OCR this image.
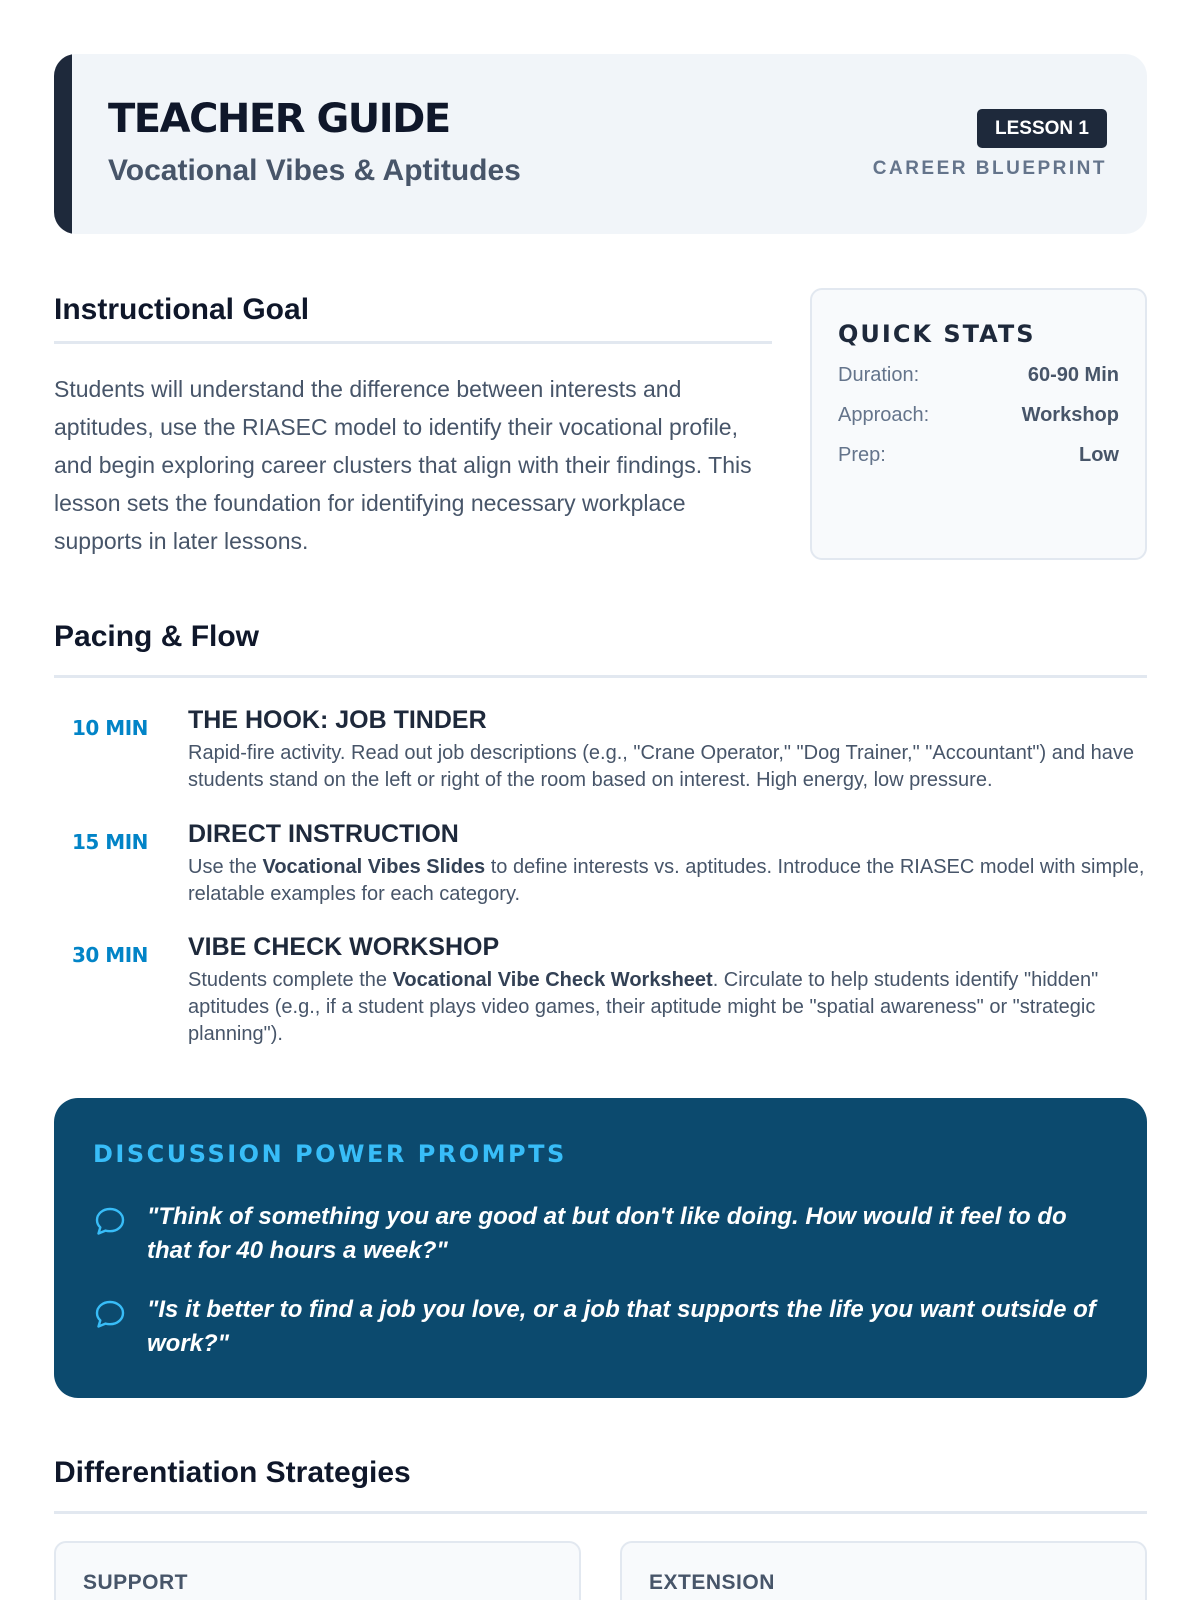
TEACHER GUIDE
Vocational Vibes & Aptitudes
LESSON 1
CAREER BLUEPRINT
Instructional Goal
Students will understand the difference between interests and aptitudes, use the RIASEC model to identify their vocational profile, and begin exploring career clusters that align with their findings. This lesson sets the foundation for identifying necessary workplace supports in later lessons.
QUICK STATS
Duration:	60-90 Min
Approach:	Workshop
Prep:	Low
Pacing & Flow
10 MIN	THE HOOK: JOB TINDER
Rapid-fire activity. Read out job descriptions (e.g., "Crane Operator," "Dog Trainer," "Accountant") and have students stand on the left or right of the room based on interest. High energy, low pressure.
15 MIN	DIRECT INSTRUCTION
Use the Vocational Vibes Slides to define interests vs. aptitudes. Introduce the RIASEC model with simple, relatable examples for each category.
30 MIN	VIBE CHECK WORKSHOP
Students complete the Vocational Vibe Check Worksheet. Circulate to help students identify "hidden" aptitudes (e.g., if a student plays video games, their aptitude might be "spatial awareness" or "strategic planning").
DISCUSSION POWER PROMPTS
"Think of something you are good at but don't like doing. How would it feel to do that for 40 hours a week?"
"Is it better to find a job you love, or a job that supports the life you want outside of work?"
Differentiation Strategies
SUPPORT	EXTENSION
